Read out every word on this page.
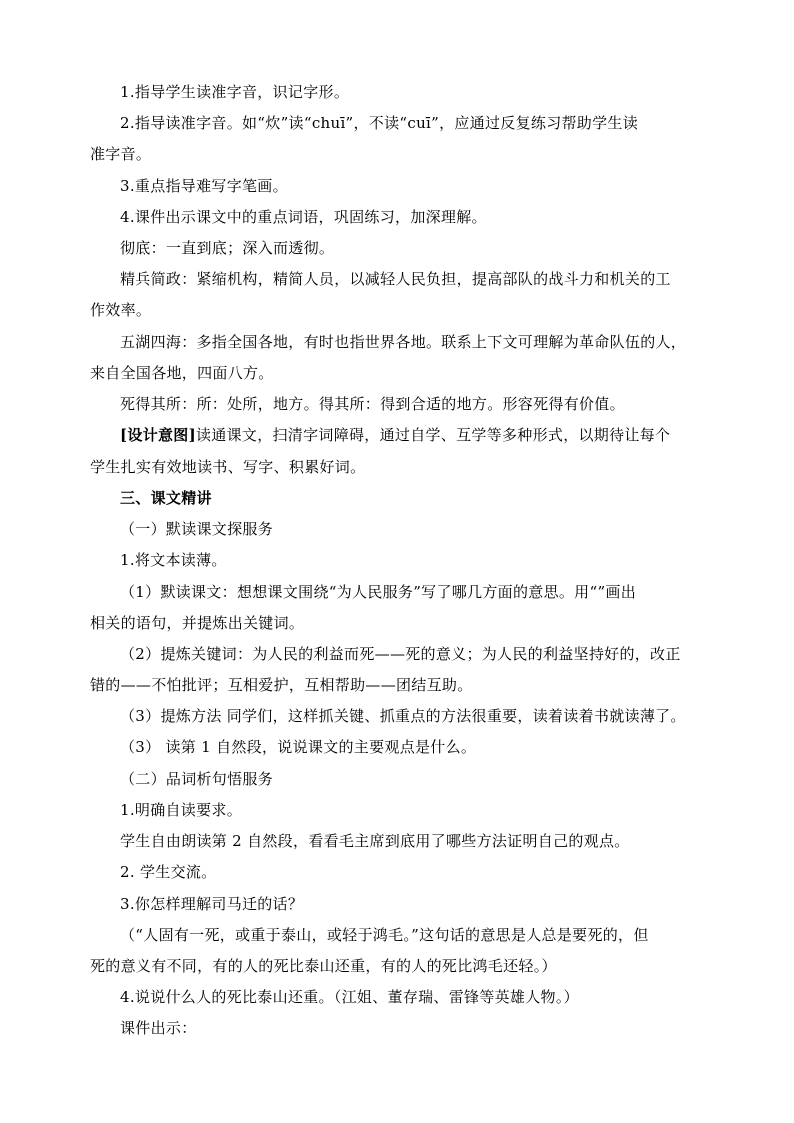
1.指导学生读准字音，识记字形。
2.指导读准字音。如“炊”读“chuī”，不读“cuī”，应通过反复练习帮助学生读
准字音。
3.重点指导难写字笔画。
4.课件出示课文中的重点词语，巩固练习，加深理解。
彻底：一直到底；深入而透彻。
精兵简政：紧缩机构，精简人员，以减轻人民负担，提高部队的战斗力和机关的工
作效率。
五湖四海：多指全国各地，有时也指世界各地。联系上下文可理解为革命队伍的人，
来自全国各地，四面八方。
死得其所：所：处所，地方。得其所：得到合适的地方。形容死得有价值。
[设计意图]读通课文，扫清字词障碍，通过自学、互学等多种形式，以期待让每个
学生扎实有效地读书、写字、积累好词。
三、课文精讲
（一）默读课文探服务
1.将文本读薄。
（1）默读课文：想想课文围绕“为人民服务”写了哪几方面的意思。用“”画出
相关的语句，并提炼出关键词。
（2）提炼关键词：为人民的利益而死——死的意义；为人民的利益坚持好的，改正
错的——不怕批评；互相爱护，互相帮助——团结互助。
（3）提炼方法 同学们，这样抓关键、抓重点的方法很重要，读着读着书就读薄了。
（3） 读第 1 自然段，说说课文的主要观点是什么。
（二）品词析句悟服务
1.明确自读要求。
学生自由朗读第 2 自然段，看看毛主席到底用了哪些方法证明自己的观点。
2. 学生交流。
3.你怎样理解司马迁的话？
（“人固有一死，或重于泰山，或轻于鸿毛。”这句话的意思是人总是要死的，但
死的意义有不同，有的人的死比泰山还重，有的人的死比鸿毛还轻。）
4.说说什么人的死比泰山还重。（江姐、董存瑞、雷锋等英雄人物。）
课件出示：
